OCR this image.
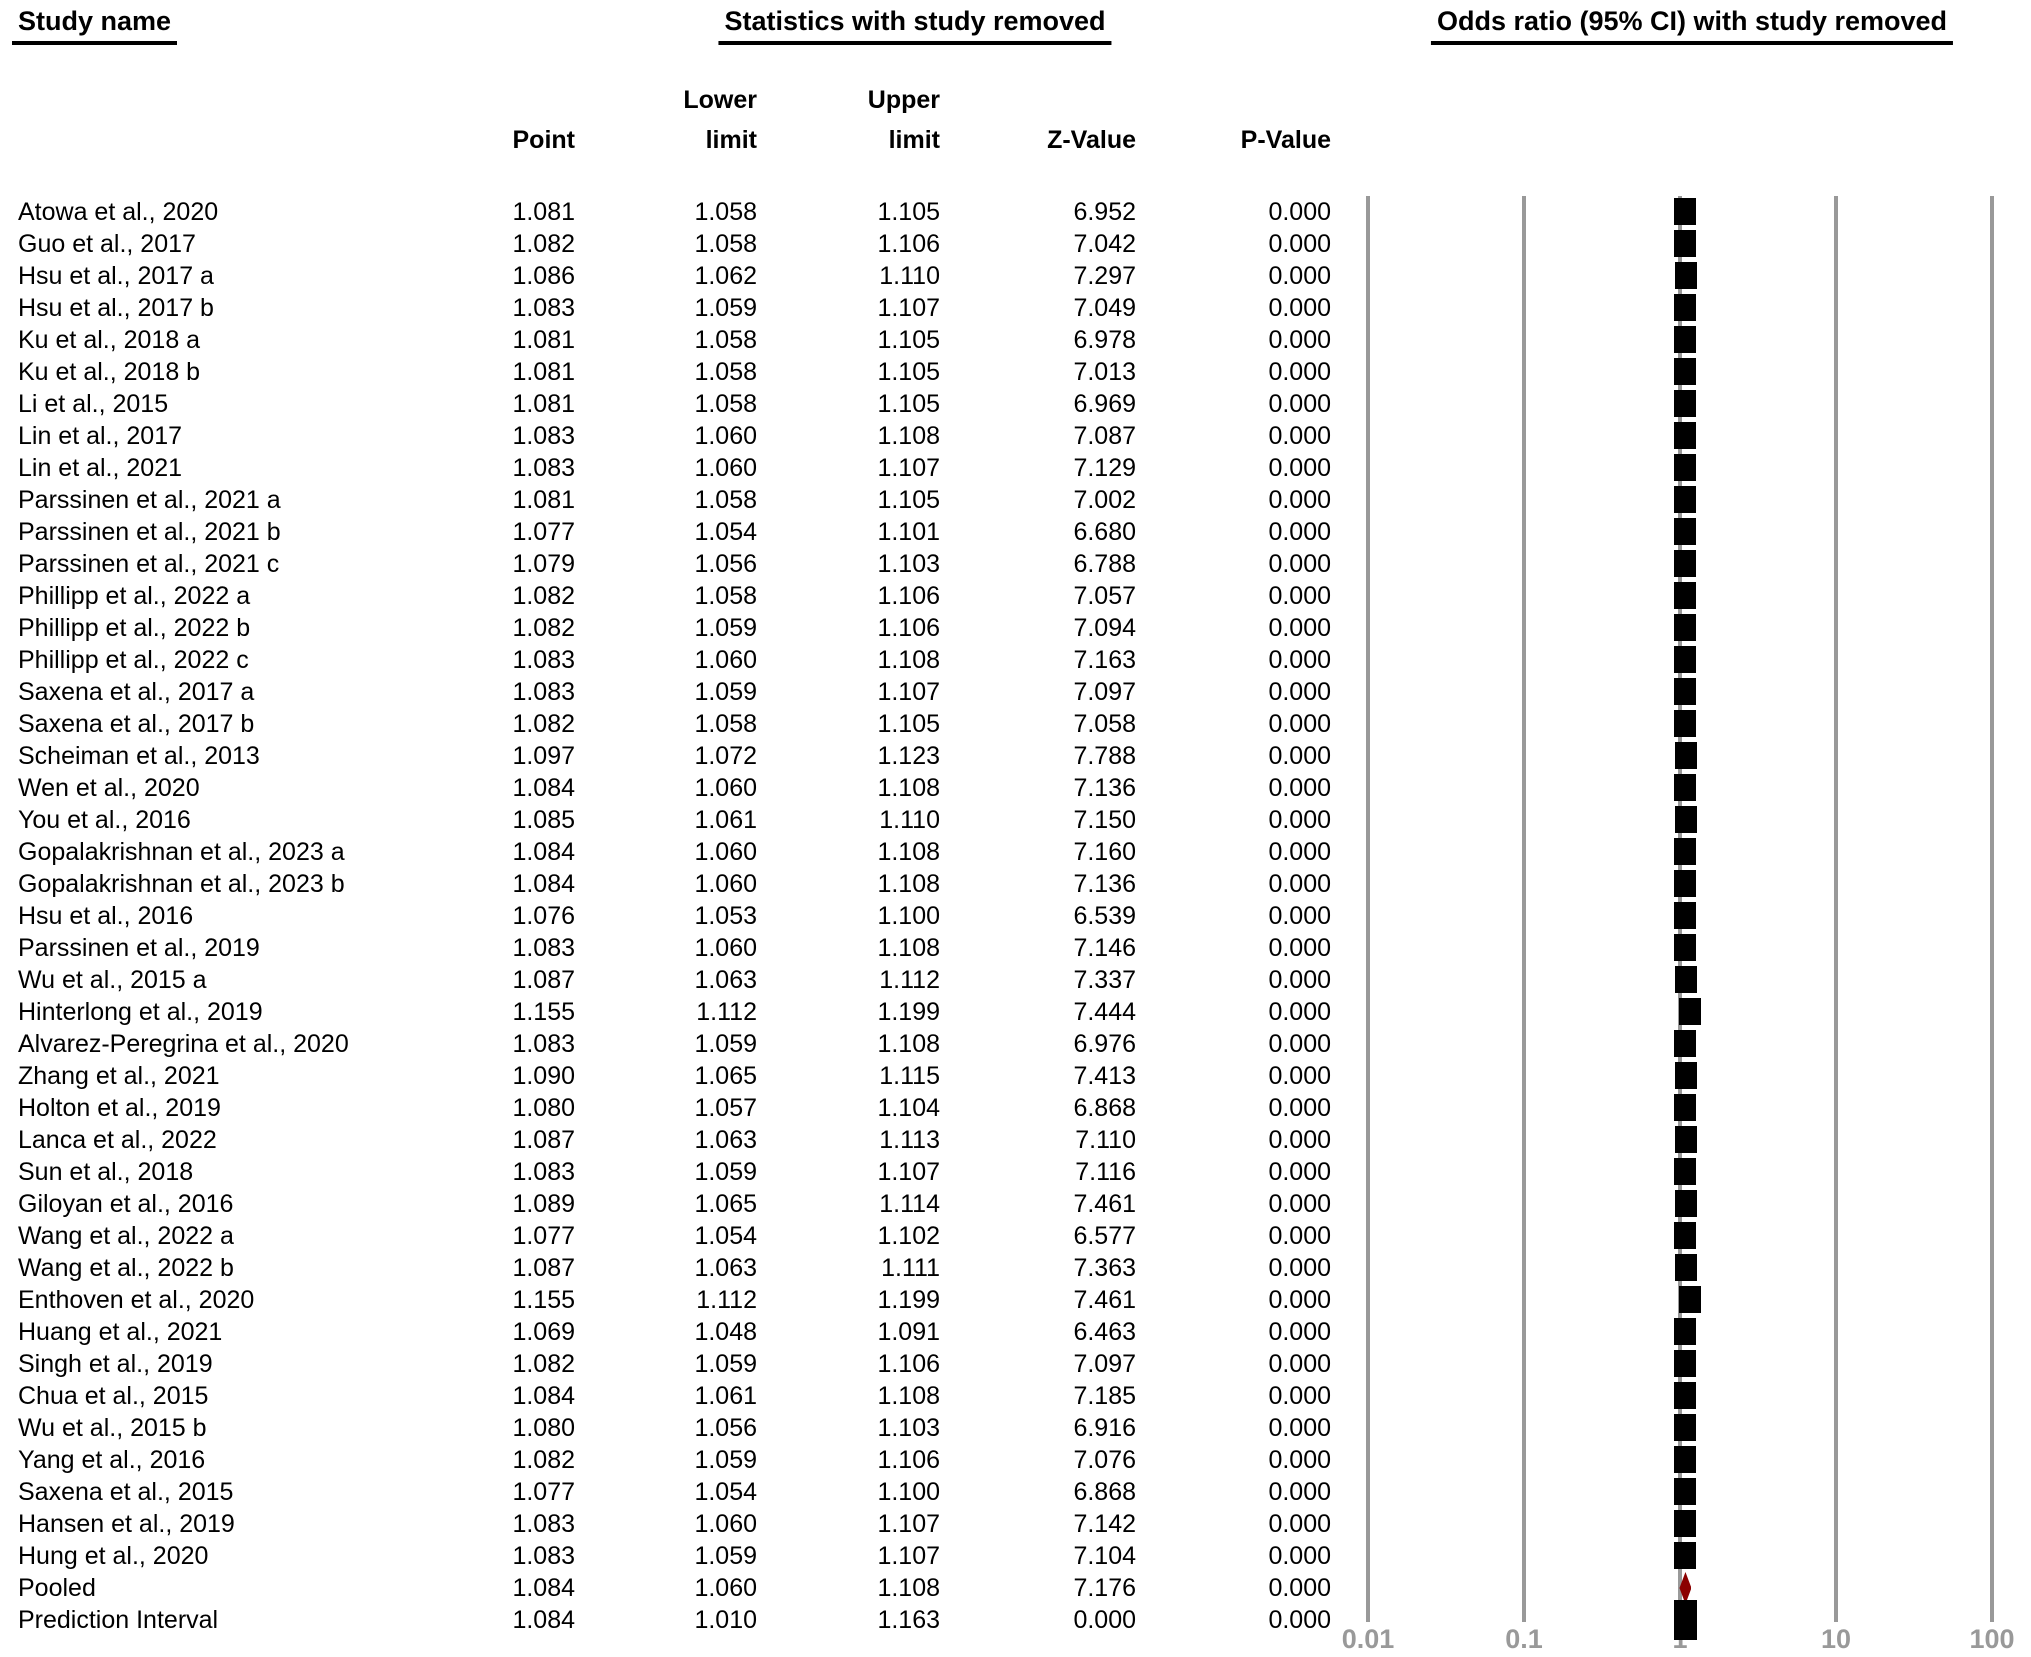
Study name	Statistics with study removed	Odds ratio (95% CI) with study removed
Lower	Upper
Point	limit	limit	Z-Value	P-Value
Atowa et al., 2020	1.081	1.058	1.105	6.952	0.000
Guo et al., 2017	1.082	1.058	1.106	7.042	0.000
Hsu et al., 2017 a	1.086	1.062	1.110	7.297	0.000
Hsu et al., 2017 b	1.083	1.059	1.107	7.049	0.000
Ku et al., 2018 a	1.081	1.058	1.105	6.978	0.000
Ku et al., 2018 b	1.081	1.058	1.105	7.013	0.000
Li et al., 2015	1.081	1.058	1.105	6.969	0.000
Lin et al., 2017	1.083	1.060	1.108	7.087	0.000
Lin et al., 2021	1.083	1.060	1.107	7.129	0.000
Parssinen et al., 2021 a	1.081	1.058	1.105	7.002	0.000
Parssinen et al., 2021 b	1.077	1.054	1.101	6.680	0.000
Parssinen et al., 2021 c	1.079	1.056	1.103	6.788	0.000
Phillipp et al., 2022 a	1.082	1.058	1.106	7.057	0.000
Phillipp et al., 2022 b	1.082	1.059	1.106	7.094	0.000
Phillipp et al., 2022 c	1.083	1.060	1.108	7.163	0.000
Saxena et al., 2017 a	1.083	1.059	1.107	7.097	0.000
Saxena et al., 2017 b	1.082	1.058	1.105	7.058	0.000
Scheiman et al., 2013	1.097	1.072	1.123	7.788	0.000
Wen et al., 2020	1.084	1.060	1.108	7.136	0.000
You et al., 2016	1.085	1.061	1.110	7.150	0.000
Gopalakrishnan et al., 2023 a	1.084	1.060	1.108	7.160	0.000
Gopalakrishnan et al., 2023 b	1.084	1.060	1.108	7.136	0.000
Hsu et al., 2016	1.076	1.053	1.100	6.539	0.000
Parssinen et al., 2019	1.083	1.060	1.108	7.146	0.000
Wu et al., 2015 a	1.087	1.063	1.112	7.337	0.000
Hinterlong et al., 2019	1.155	1.112	1.199	7.444	0.000
Alvarez-Peregrina et al., 2020	1.083	1.059	1.108	6.976	0.000
Zhang et al., 2021	1.090	1.065	1.115	7.413	0.000
Holton et al., 2019	1.080	1.057	1.104	6.868	0.000
Lanca et al., 2022	1.087	1.063	1.113	7.110	0.000
Sun et al., 2018	1.083	1.059	1.107	7.116	0.000
Giloyan et al., 2016	1.089	1.065	1.114	7.461	0.000
Wang et al., 2022 a	1.077	1.054	1.102	6.577	0.000
Wang et al., 2022 b	1.087	1.063	1.111	7.363	0.000
Enthoven et al., 2020	1.155	1.112	1.199	7.461	0.000
Huang et al., 2021	1.069	1.048	1.091	6.463	0.000
Singh et al., 2019	1.082	1.059	1.106	7.097	0.000
Chua et al., 2015	1.084	1.061	1.108	7.185	0.000
Wu et al., 2015 b	1.080	1.056	1.103	6.916	0.000
Yang et al., 2016	1.082	1.059	1.106	7.076	0.000
Saxena et al., 2015	1.077	1.054	1.100	6.868	0.000
Hansen et al., 2019	1.083	1.060	1.107	7.142	0.000
Hung et al., 2020	1.083	1.059	1.107	7.104	0.000
Pooled	1.084	1.060	1.108	7.176	0.000
Prediction Interval	1.084	1.010	1.163	0.000	0.000
0.01	0.1	10	100
